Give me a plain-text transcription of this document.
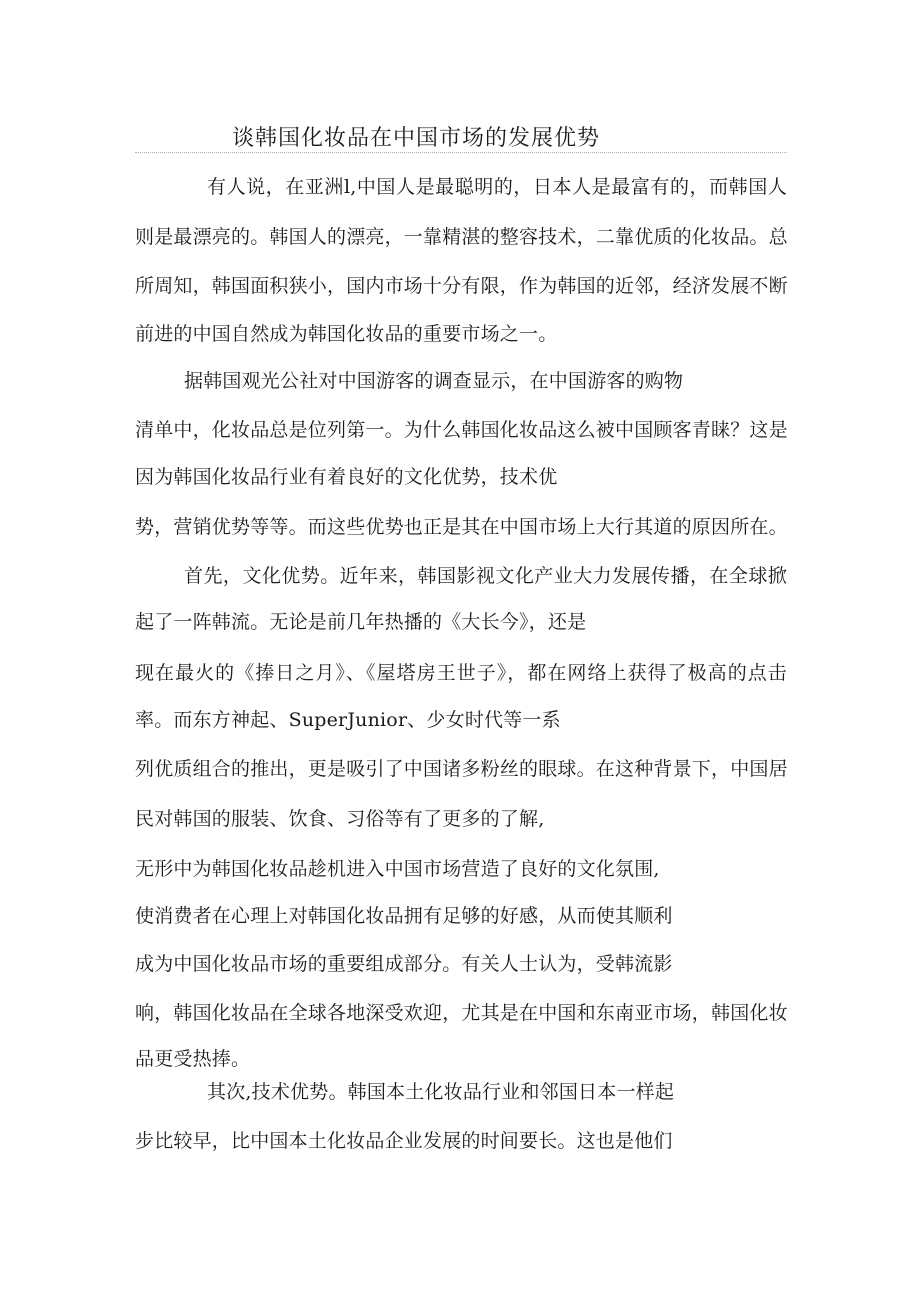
谈韩国化妆品在中国市场的发展优势
有人说，在亚洲l,中国人是最聪明的，日本人是最富有的，而韩国人
则是最漂亮的。韩国人的漂亮，一靠精湛的整容技术，二靠优质的化妆品。总
所周知，韩国面积狭小，国内市场十分有限，作为韩国的近邻，经济发展不断
前进的中国自然成为韩国化妆品的重要市场之一。
据韩国观光公社对中国游客的调查显示，在中国游客的购物
清单中，化妆品总是位列第一。为什么韩国化妆品这么被中国顾客青睐？这是
因为韩国化妆品行业有着良好的文化优势，技术优
势，营销优势等等。而这些优势也正是其在中国市场上大行其道的原因所在。
首先，文化优势。近年来，韩国影视文化产业大力发展传播，在全球掀
起了一阵韩流。无论是前几年热播的《大长今》，还是
现在最火的《捧日之月》、《屋塔房王世子》，都在网络上获得了极高的点击
率。而东方神起、SuperJunior、少女时代等一系
列优质组合的推出，更是吸引了中国诸多粉丝的眼球。在这种背景下，中国居
民对韩国的服装、饮食、习俗等有了更多的了解,
无形中为韩国化妆品趁机进入中国市场营造了良好的文化氛围,
使消费者在心理上对韩国化妆品拥有足够的好感，从而使其顺利
成为中国化妆品市场的重要组成部分。有关人士认为，受韩流影
响，韩国化妆品在全球各地深受欢迎，尤其是在中国和东南亚市场，韩国化妆
品更受热捧。
其次,技术优势。韩国本土化妆品行业和邻国日本一样起
步比较早，比中国本土化妆品企业发展的时间要长。这也是他们
